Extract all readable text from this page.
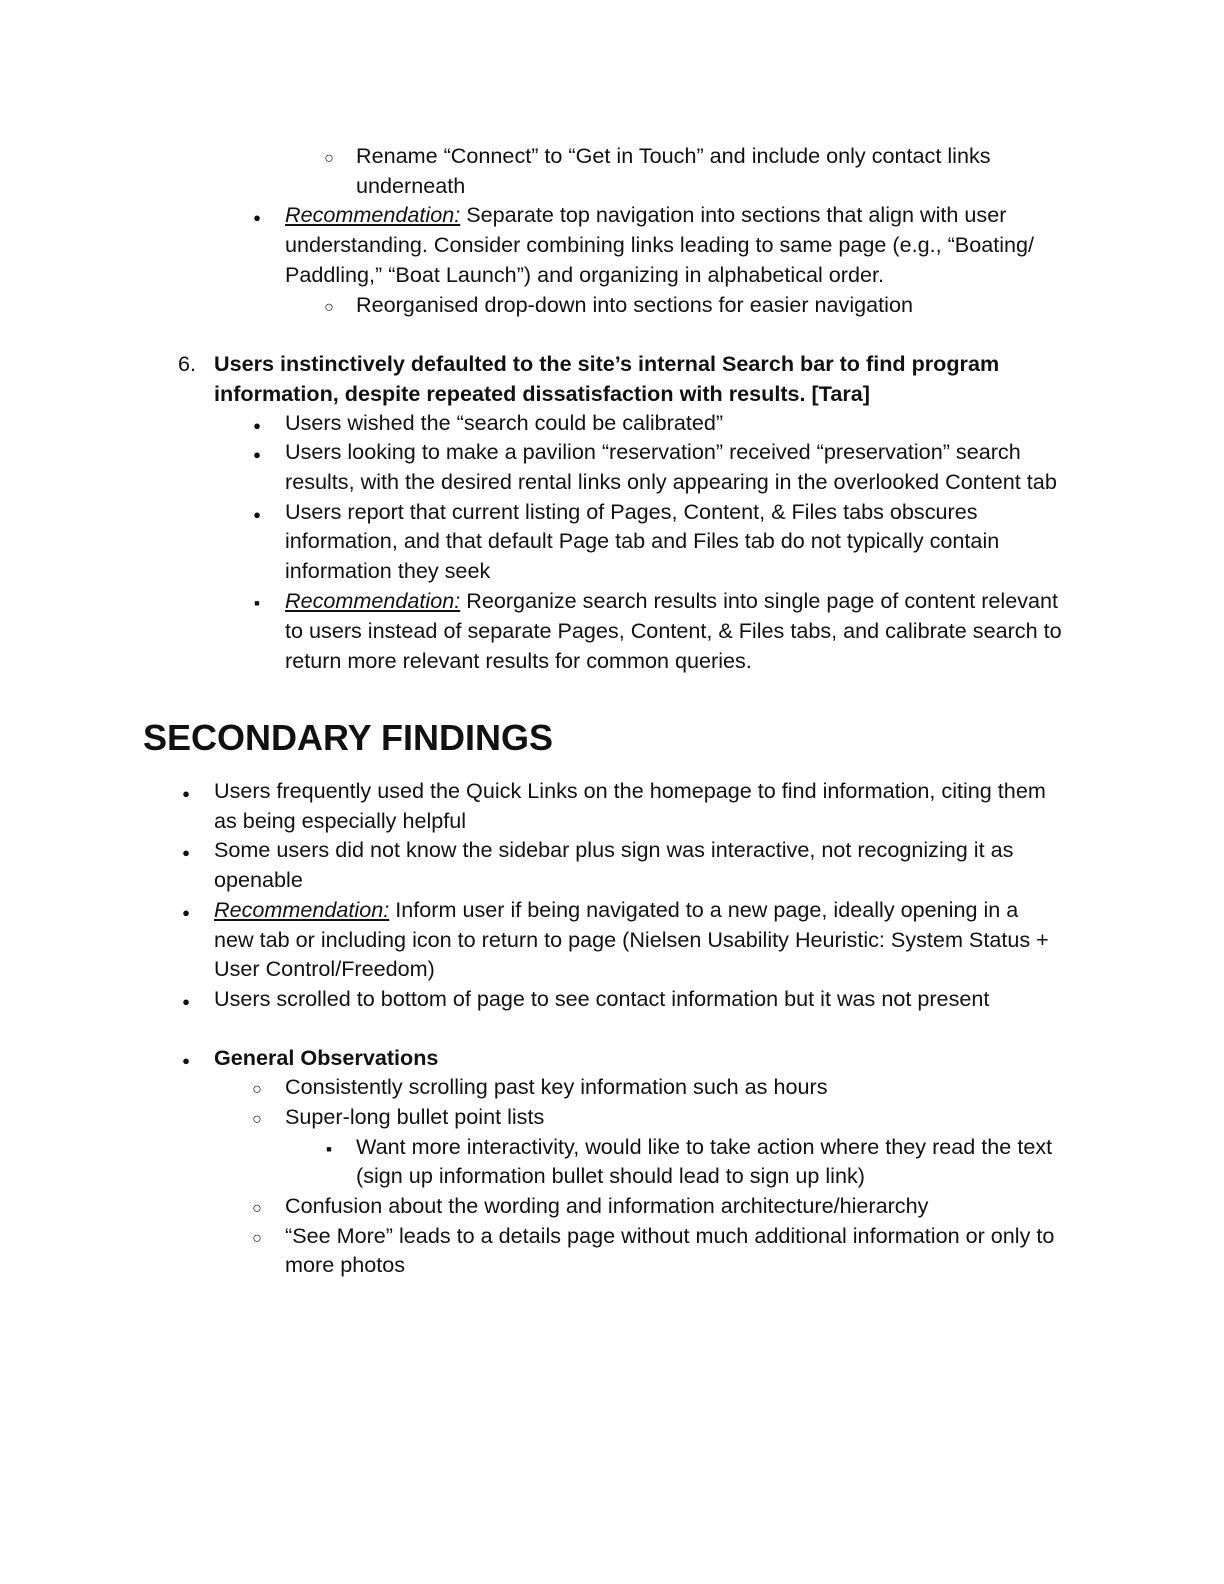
○
Rename “Connect” to “Get in Touch” and include only contact links
underneath
●
Recommendation: Separate top navigation into sections that align with user
understanding. Consider combining links leading to same page (e.g., “Boating/
Paddling,” “Boat Launch”) and organizing in alphabetical order.
○
Reorganised drop-down into sections for easier navigation
6. Users instinctively defaulted to the site’s internal Search bar to find program
information, despite repeated dissatisfaction with results. [Tara]
●
Users wished the “search could be calibrated”
●
Users looking to make a pavilion “reservation” received “preservation” search
results, with the desired rental links only appearing in the overlooked Content tab
●
Users report that current listing of Pages, Content, & Files tabs obscures
information, and that default Page tab and Files tab do not typically contain
information they seek
■
Recommendation: Reorganize search results into single page of content relevant
to users instead of separate Pages, Content, & Files tabs, and calibrate search to
return more relevant results for common queries.
SECONDARY FINDINGS
●
Users frequently used the Quick Links on the homepage to find information, citing them
as being especially helpful
●
Some users did not know the sidebar plus sign was interactive, not recognizing it as
openable
●
Recommendation: Inform user if being navigated to a new page, ideally opening in a
new tab or including icon to return to page (Nielsen Usability Heuristic: System Status +
User Control/Freedom)
●
Users scrolled to bottom of page to see contact information but it was not present
●
General Observations
○
Consistently scrolling past key information such as hours
○
Super-long bullet point lists
■
Want more interactivity, would like to take action where they read the text
(sign up information bullet should lead to sign up link)
○
Confusion about the wording and information architecture/hierarchy
○
“See More” leads to a details page without much additional information or only to
more photos
